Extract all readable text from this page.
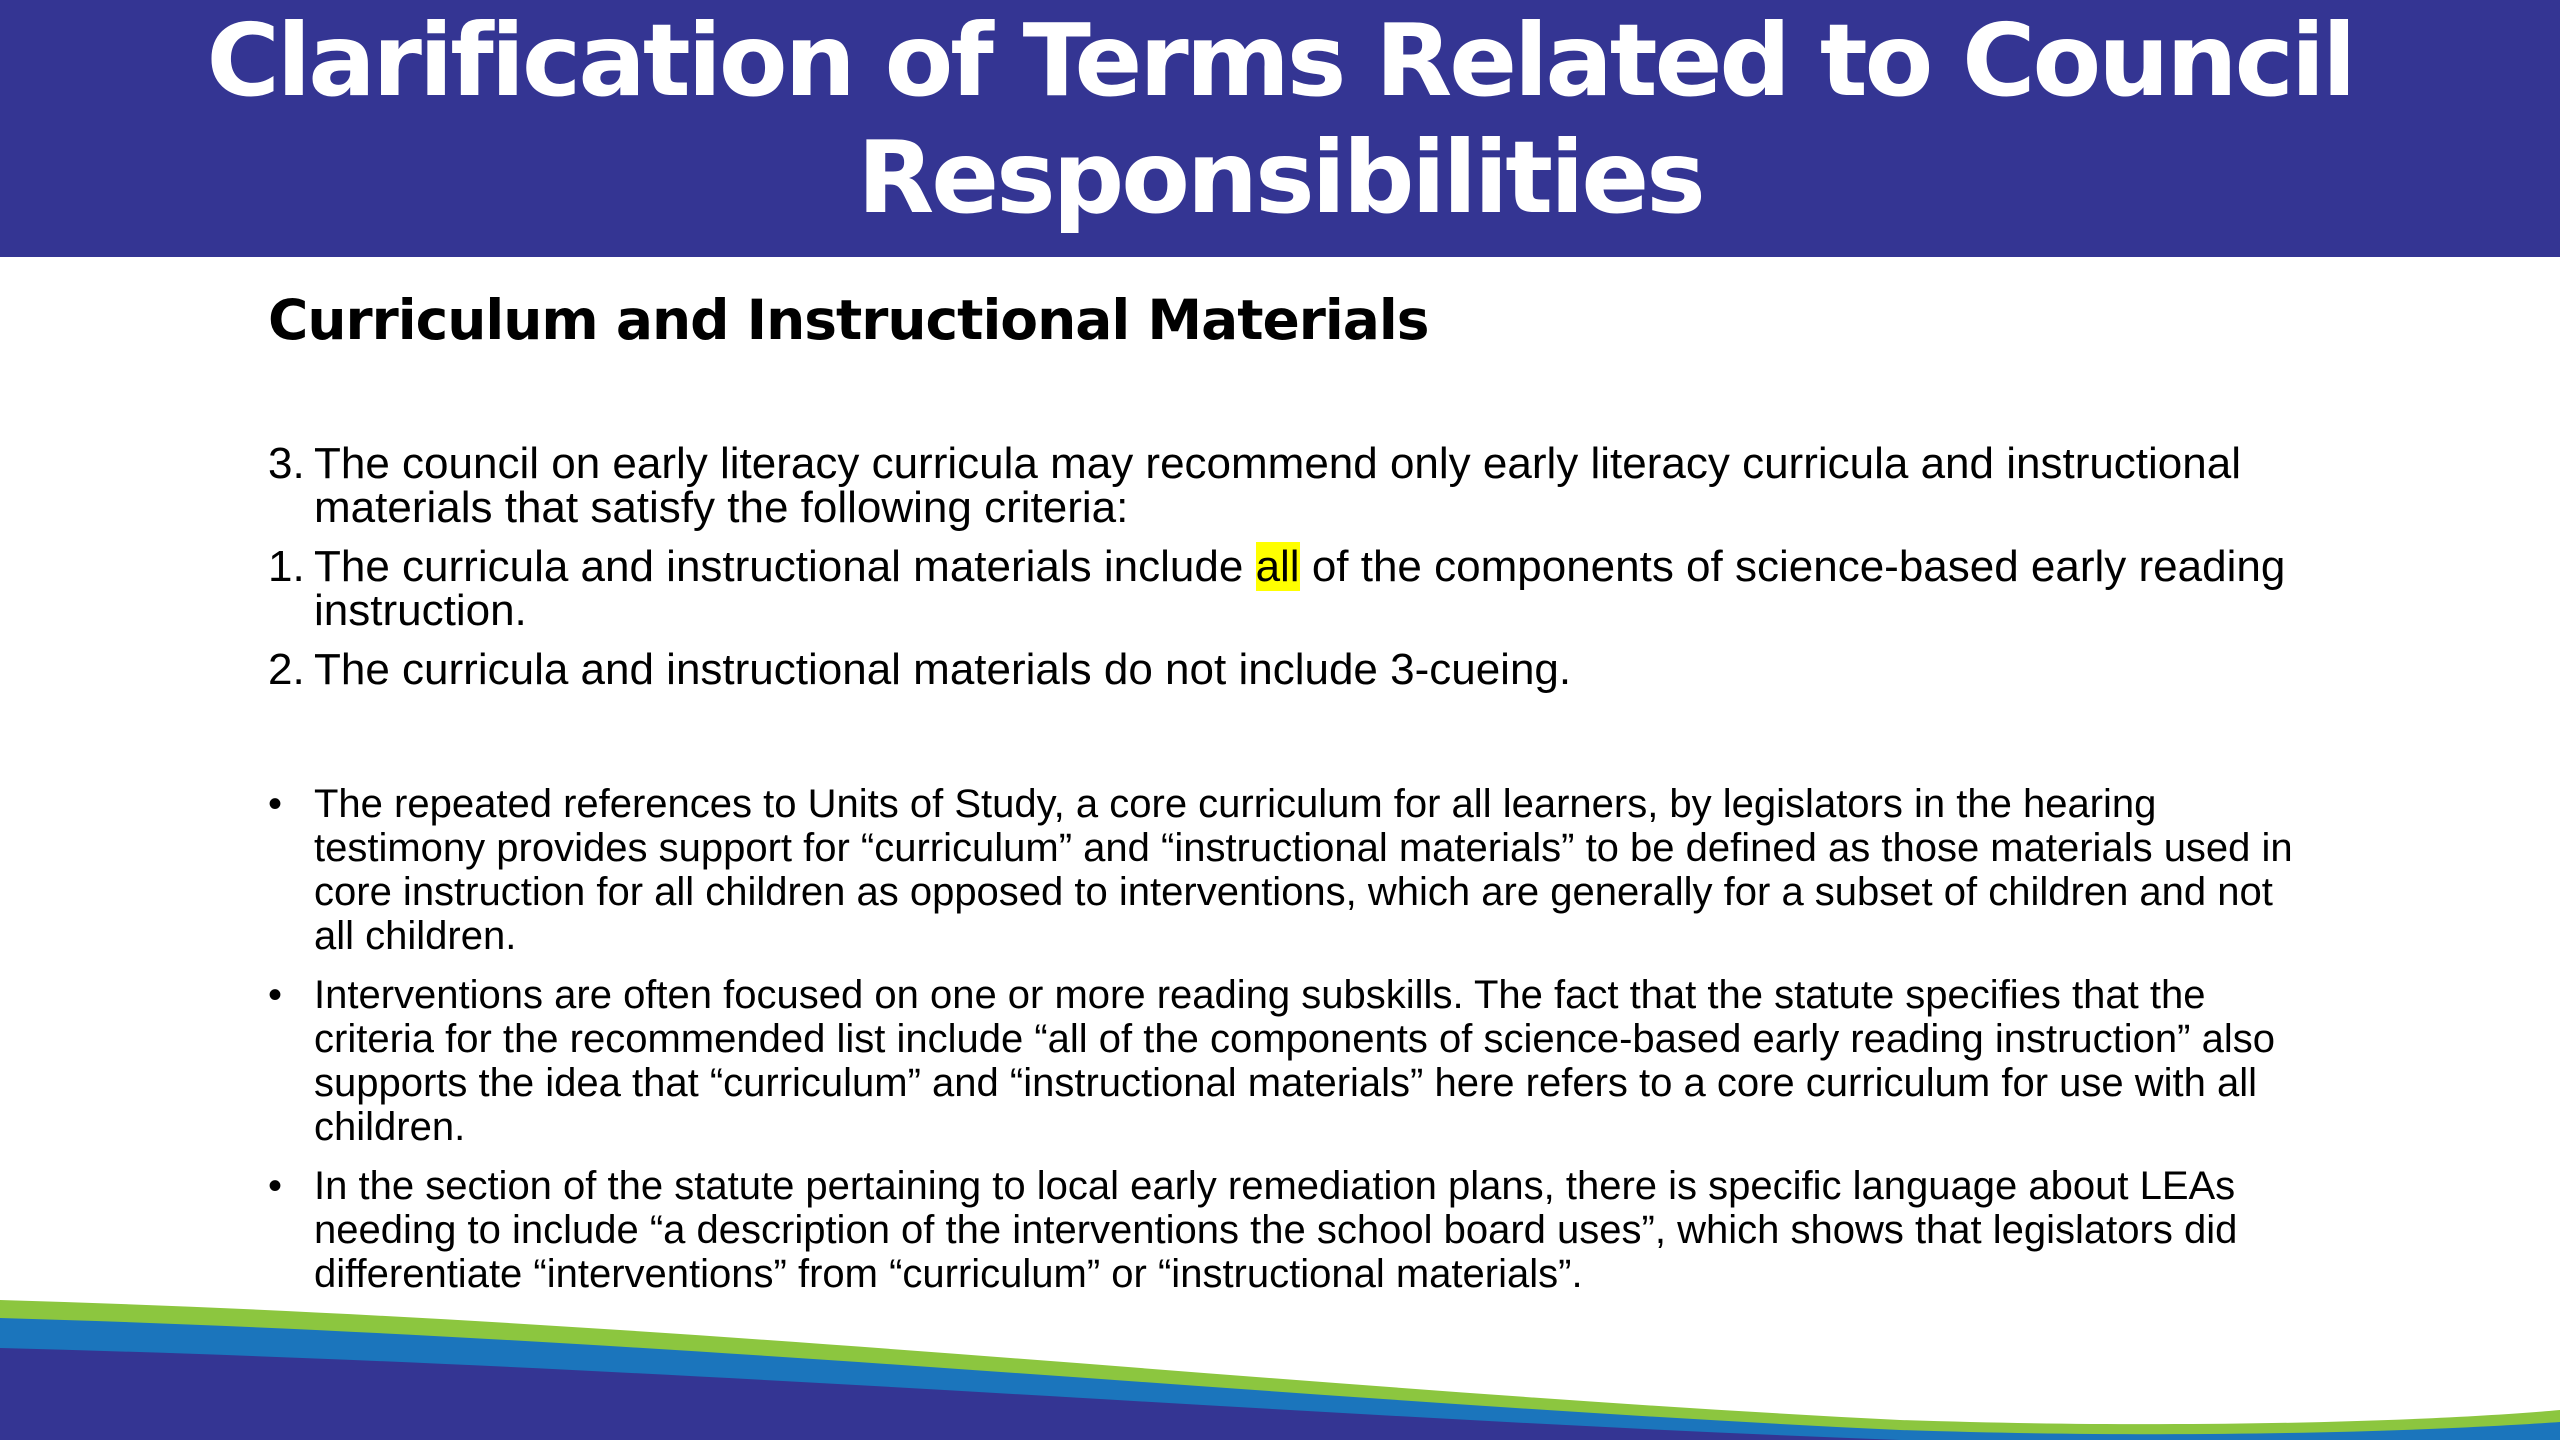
Clarification of Terms Related to Council
Responsibilities
Curriculum and Instructional Materials
3. The council on early literacy curricula may recommend only early literacy curricula and instructional materials that satisfy the following criteria:
1. The curricula and instructional materials include all of the components of science-based early reading instruction.
2. The curricula and instructional materials do not include 3-cueing.
• The repeated references to Units of Study, a core curriculum for all learners, by legislators in the hearing testimony provides support for “curriculum” and “instructional materials” to be defined as those materials used in core instruction for all children as opposed to interventions, which are generally for a subset of children and not all children.
• Interventions are often focused on one or more reading subskills. The fact that the statute specifies that the criteria for the recommended list include “all of the components of science-based early reading instruction” also supports the idea that “curriculum” and “instructional materials” here refers to a core curriculum for use with all children.
• In the section of the statute pertaining to local early remediation plans, there is specific language about LEAs needing to include “a description of the interventions the school board uses”, which shows that legislators did differentiate “interventions” from “curriculum” or “instructional materials”.
